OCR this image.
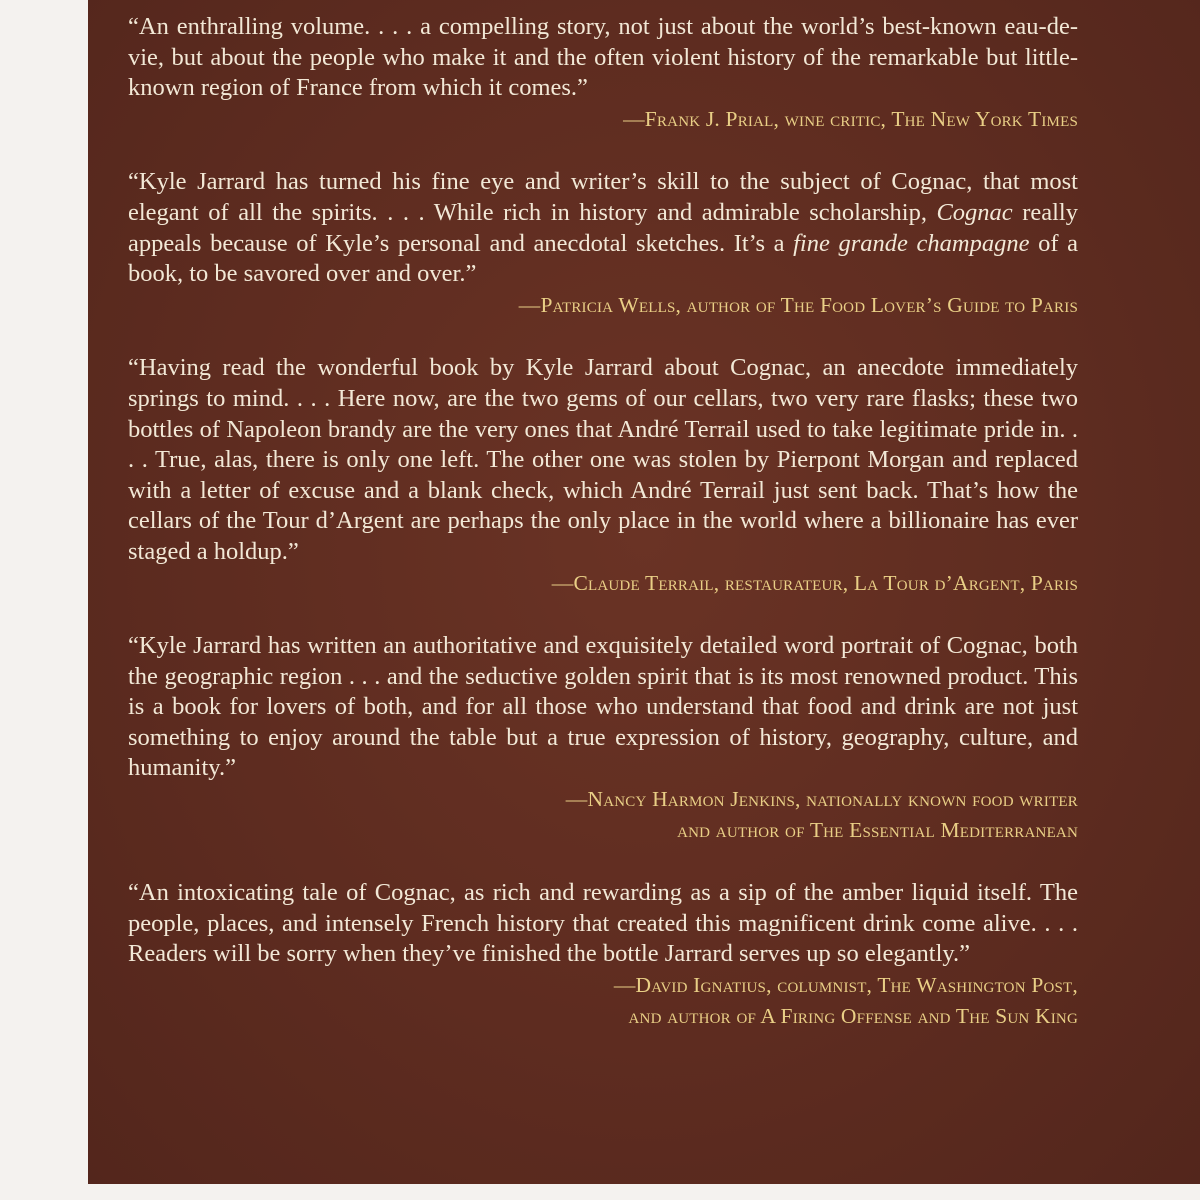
“An enthralling volume. . . . a compelling story, not just about the world’s best-known eau-de-vie, but about the people who make it and the often violent history of the remarkable but little-known region of France from which it comes.”

—Frank J. Prial, wine critic, The New York Times

“Kyle Jarrard has turned his fine eye and writer’s skill to the subject of Cognac, that most elegant of all the spirits. . . . While rich in history and admirable scholarship, Cognac really appeals because of Kyle’s personal and anecdotal sketches. It’s a fine grande champagne of a book, to be savored over and over.”

—Patricia Wells, author of The Food Lover’s Guide to Paris

“Having read the wonderful book by Kyle Jarrard about Cognac, an anecdote immediately springs to mind. . . . Here now, are the two gems of our cellars, two very rare flasks; these two bottles of Napoleon brandy are the very ones that André Terrail used to take legitimate pride in. . . . True, alas, there is only one left. The other one was stolen by Pierpont Morgan and replaced with a letter of excuse and a blank check, which André Terrail just sent back. That’s how the cellars of the Tour d’Argent are perhaps the only place in the world where a billionaire has ever staged a holdup.”

—Claude Terrail, restaurateur, La Tour d’Argent, Paris

“Kyle Jarrard has written an authoritative and exquisitely detailed word portrait of Cognac, both the geographic region . . . and the seductive golden spirit that is its most renowned product. This is a book for lovers of both, and for all those who understand that food and drink are not just something to enjoy around the table but a true expression of history, geography, culture, and humanity.”

—Nancy Harmon Jenkins, nationally known food writer
and author of The Essential Mediterranean

“An intoxicating tale of Cognac, as rich and rewarding as a sip of the amber liquid itself. The people, places, and intensely French history that created this magnificent drink come alive. . . . Readers will be sorry when they’ve finished the bottle Jarrard serves up so elegantly.”

—David Ignatius, columnist, The Washington Post,
and author of A Firing Offense and The Sun King
